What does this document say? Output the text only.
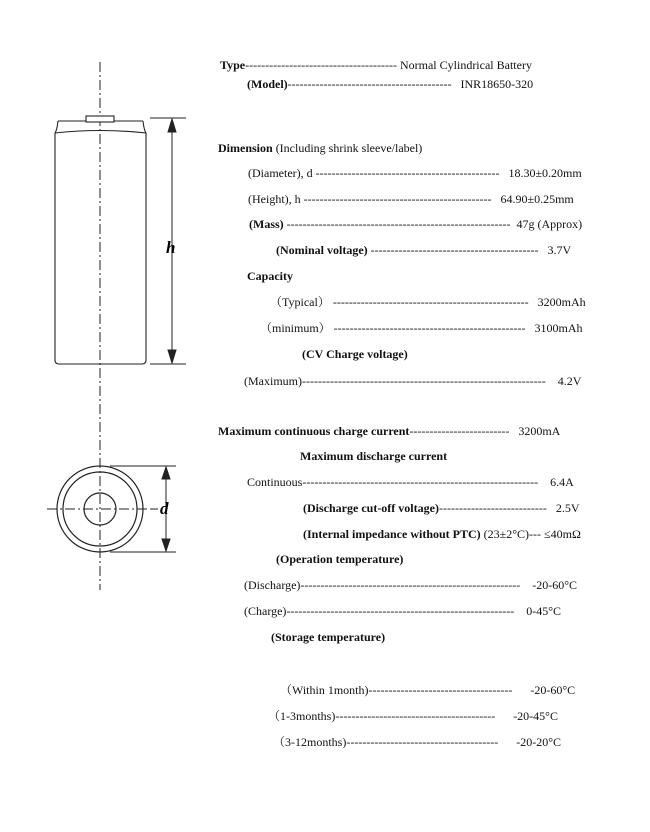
h
d
Type-------------------------------------- Normal Cylindrical Battery
(Model)----------------------------------------- INR18650-320
Dimension (Including shrink sleeve/label)
(Diameter), d ---------------------------------------------- 18.30±0.20mm
(Height), h ----------------------------------------------- 64.90±0.25mm
(Mass) -------------------------------------------------------- 47g (Approx)
(Nominal voltage) ------------------------------------------ 3.7V
Capacity
（Typical） ------------------------------------------------- 3200mAh
（minimum） ------------------------------------------------ 3100mAh
(CV Charge voltage)
(Maximum)------------------------------------------------------------- 4.2V
Maximum continuous charge current------------------------- 3200mA
Maximum discharge current
Continuous----------------------------------------------------------- 6.4A
(Discharge cut-off voltage)--------------------------- 2.5V
(Internal impedance without PTC) (23±2°C)--- ≤40mΩ
(Operation temperature)
(Discharge)------------------------------------------------------- -20-60°C
(Charge)--------------------------------------------------------- 0-45°C
(Storage temperature)
（Within 1month)------------------------------------ -20-60°C
（1-3months)---------------------------------------- -20-45°C
（3-12months)-------------------------------------- -20-20°C
